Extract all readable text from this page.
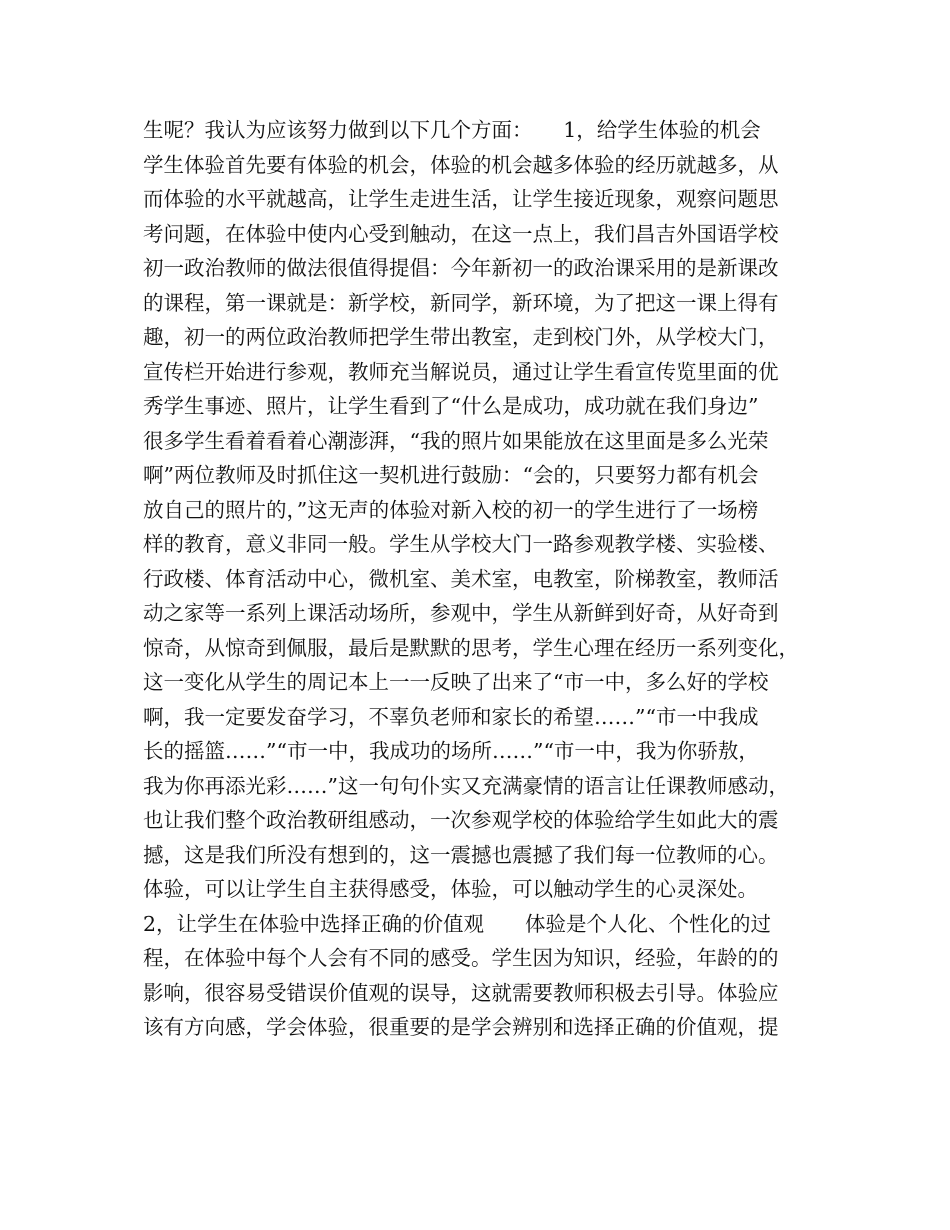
生呢？我认为应该努力做到以下几个方面：　　1，给学生体验的机会
学生体验首先要有体验的机会，体验的机会越多体验的经历就越多，从
而体验的水平就越高，让学生走进生活，让学生接近现象，观察问题思
考问题，在体验中使内心受到触动，在这一点上，我们昌吉外国语学校
初一政治教师的做法很值得提倡：今年新初一的政治课采用的是新课改
的课程，第一课就是：新学校，新同学，新环境，为了把这一课上得有
趣，初一的两位政治教师把学生带出教室，走到校门外，从学校大门，
宣传栏开始进行参观，教师充当解说员，通过让学生看宣传览里面的优
秀学生事迹、照片，让学生看到了“什么是成功，成功就在我们身边”
很多学生看着看着心潮澎湃，“我的照片如果能放在这里面是多么光荣
啊”两位教师及时抓住这一契机进行鼓励：“会的，只要努力都有机会
放自己的照片的，”这无声的体验对新入校的初一的学生进行了一场榜
样的教育，意义非同一般。学生从学校大门一路参观教学楼、实验楼、
行政楼、体育活动中心，微机室、美术室，电教室，阶梯教室，教师活
动之家等一系列上课活动场所，参观中，学生从新鲜到好奇，从好奇到
惊奇，从惊奇到佩服，最后是默默的思考，学生心理在经历一系列变化，
这一变化从学生的周记本上一一反映了出来了“市一中，多么好的学校
啊，我一定要发奋学习，不辜负老师和家长的希望……”“市一中我成
长的摇篮……”“市一中，我成功的场所……”“市一中，我为你骄敖，
我为你再添光彩……”这一句句仆实又充满豪情的语言让任课教师感动，
也让我们整个政治教研组感动，一次参观学校的体验给学生如此大的震
撼，这是我们所没有想到的，这一震撼也震撼了我们每一位教师的心。
体验，可以让学生自主获得感受，体验，可以触动学生的心灵深处。
2，让学生在体验中选择正确的价值观　　体验是个人化、个性化的过
程，在体验中每个人会有不同的感受。学生因为知识，经验，年龄的的
影响，很容易受错误价值观的误导，这就需要教师积极去引导。体验应
该有方向感，学会体验，很重要的是学会辨别和选择正确的价值观，提
